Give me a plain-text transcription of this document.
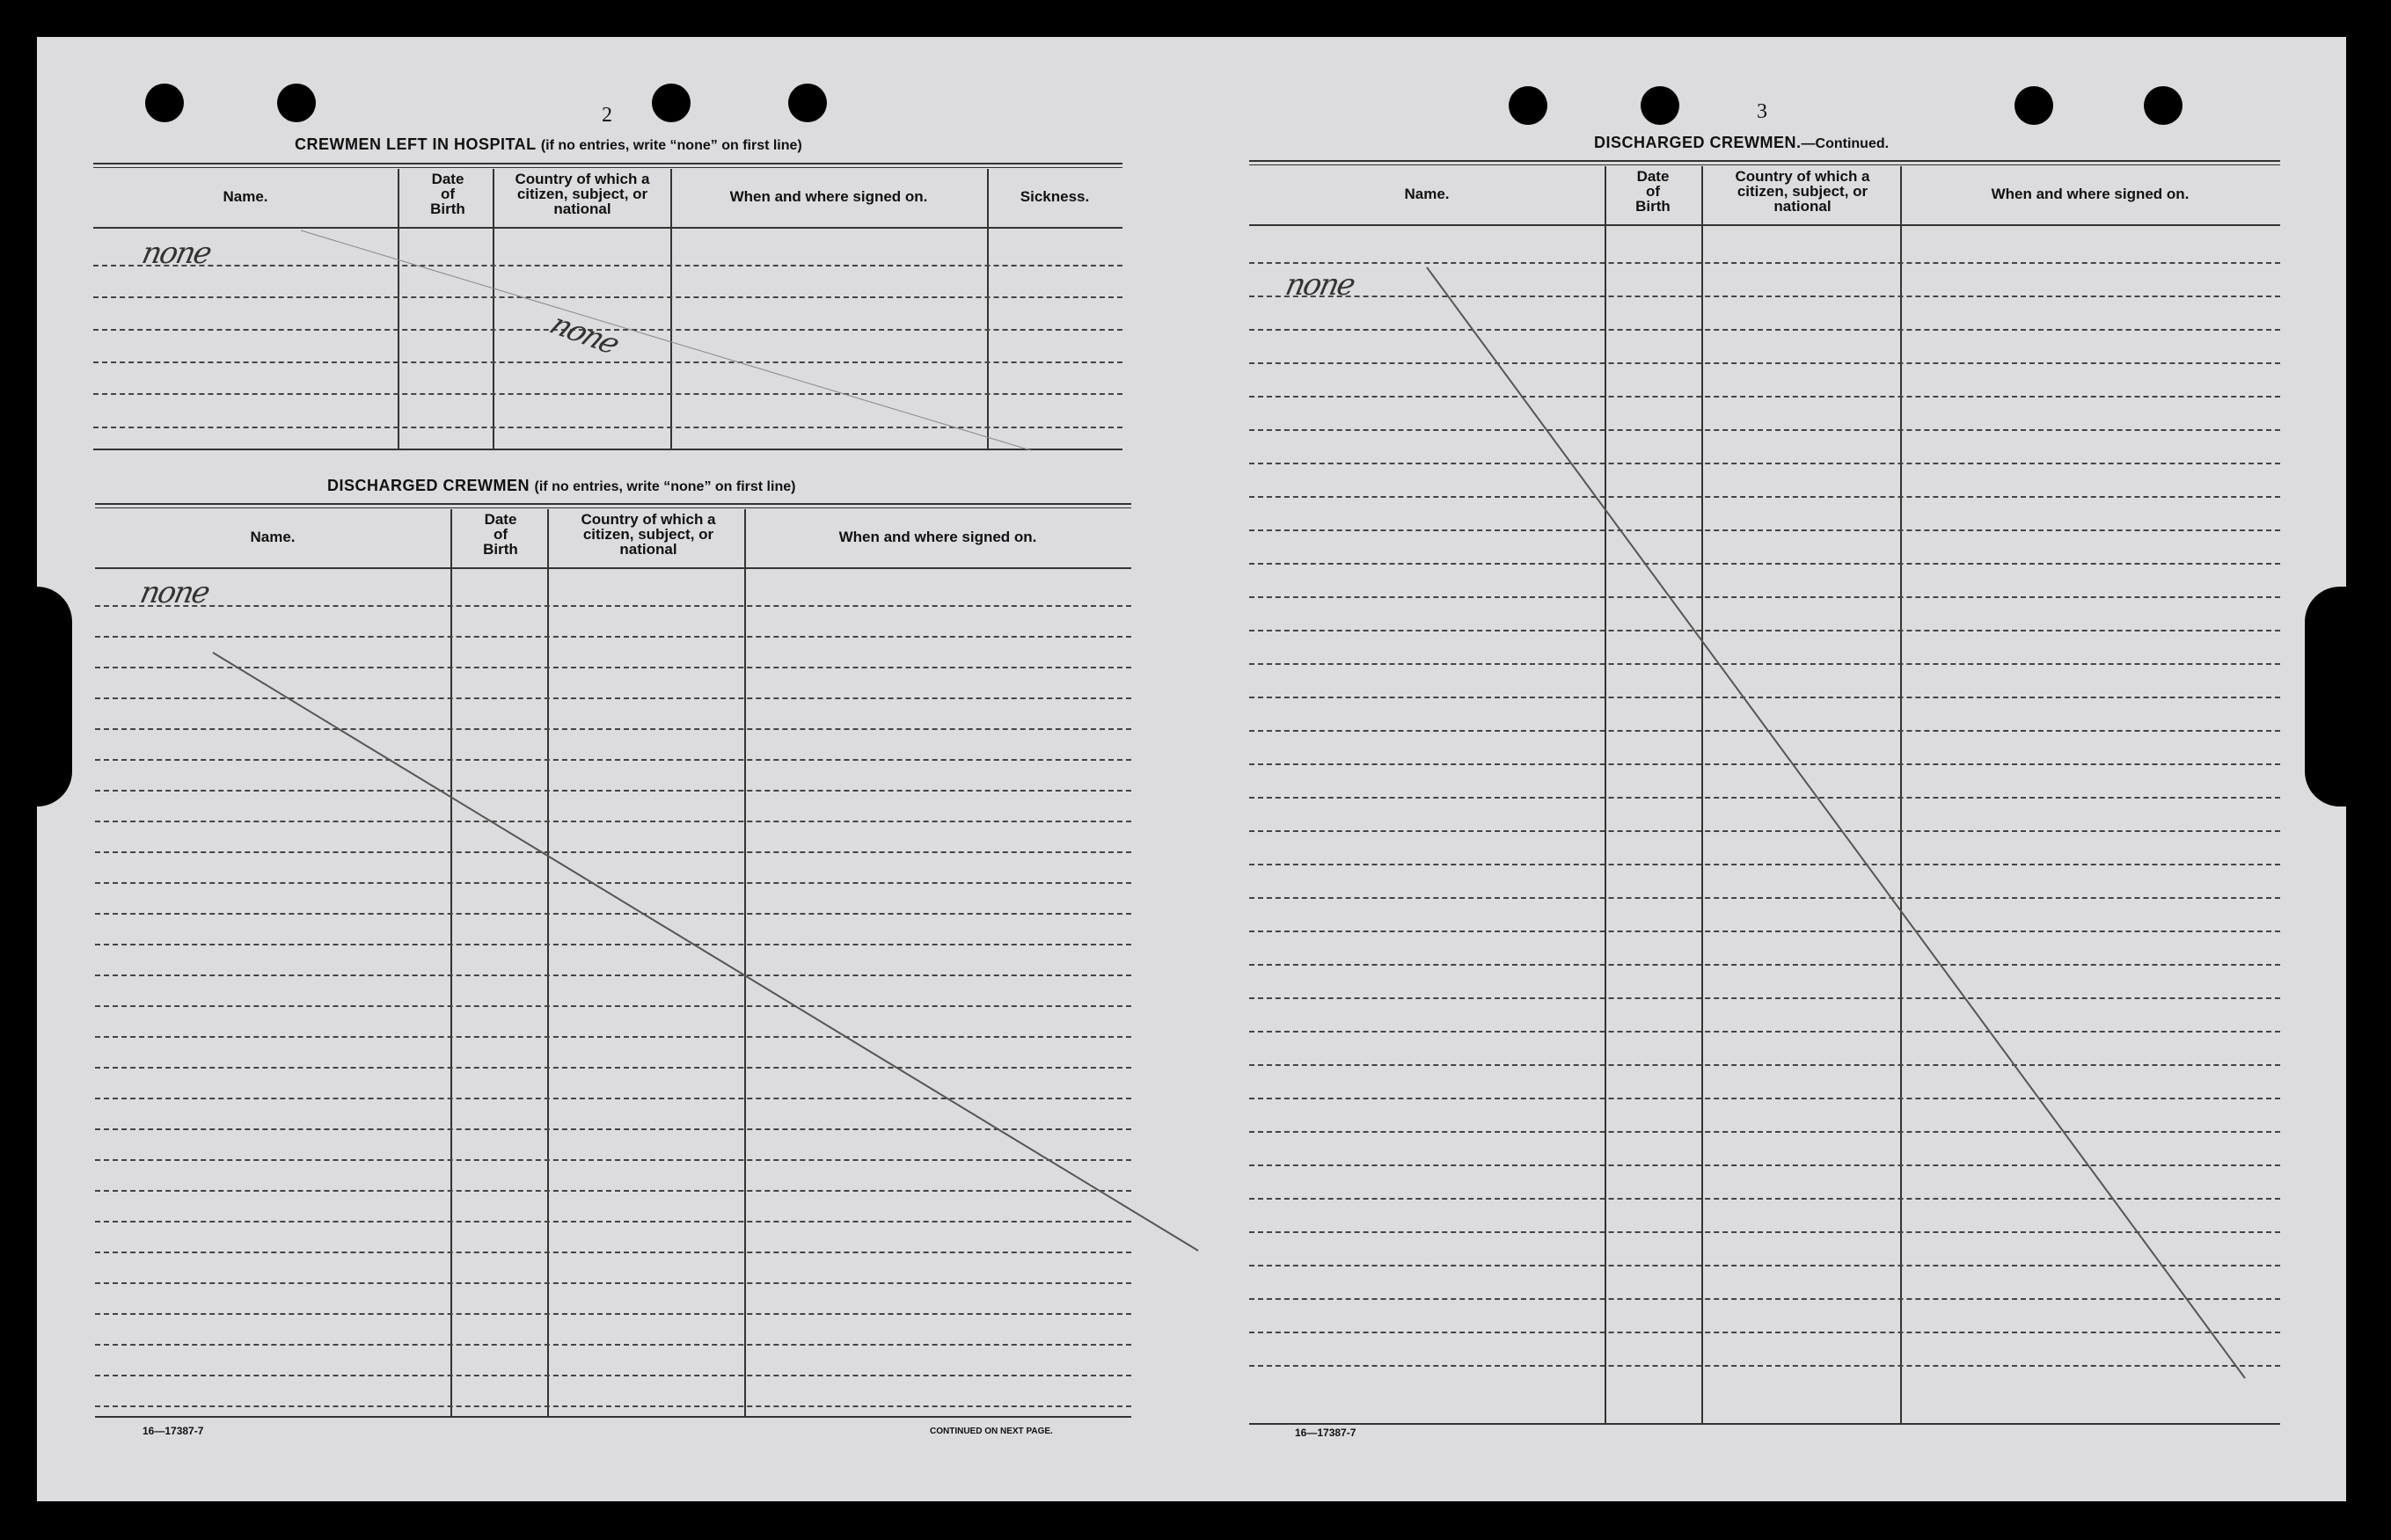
2
CREWMEN LEFT IN HOSPITAL (if no entries, write “none” on first line)
Name.
Date of Birth
Country of which a citizen, subject, or national
When and where signed on.	Sickness.
none
none
DISCHARGED CREWMEN (if no entries, write “none” on first line)
Name.
Date of Birth
Country of which a citizen, subject, or national
When and where signed on.
none
16—17387-7	CONTINUED ON NEXT PAGE.
3
DISCHARGED CREWMEN.—Continued.
Name.
Date of Birth
Country of which a citizen, subject, or national
When and where signed on.
none
16—17387-7
